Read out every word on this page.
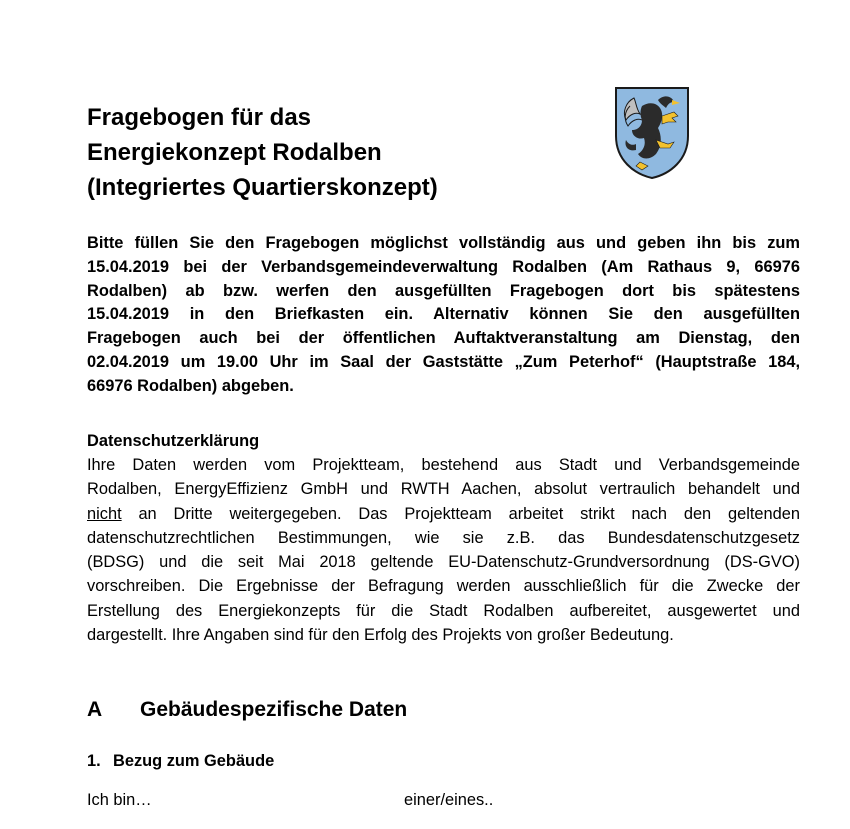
Fragebogen für das
Energiekonzept Rodalben
(Integriertes Quartierskonzept)

Bitte füllen Sie den Fragebogen möglichst vollständig aus und geben ihn bis zum
15.04.2019 bei der Verbandsgemeindeverwaltung Rodalben (Am Rathaus 9, 66976
Rodalben) ab bzw. werfen den ausgefüllten Fragebogen dort bis spätestens
15.04.2019 in den Briefkasten ein. Alternativ können Sie den ausgefüllten
Fragebogen auch bei der öffentlichen Auftaktveranstaltung am Dienstag, den
02.04.2019 um 19.00 Uhr im Saal der Gaststätte „Zum Peterhof“ (Hauptstraße 184,
66976 Rodalben) abgeben.

Datenschutzerklärung

Ihre Daten werden vom Projektteam, bestehend aus Stadt und Verbandsgemeinde
Rodalben, EnergyEffizienz GmbH und RWTH Aachen, absolut vertraulich behandelt und
nicht an Dritte weitergegeben. Das Projektteam arbeitet strikt nach den geltenden
datenschutzrechtlichen Bestimmungen, wie sie z.B. das Bundesdatenschutzgesetz
(BDSG) und die seit Mai 2018 geltende EU-Datenschutz-Grundversordnung (DS-GVO)
vorschreiben. Die Ergebnisse der Befragung werden ausschließlich für die Zwecke der
Erstellung des Energiekonzepts für die Stadt Rodalben aufbereitet, ausgewertet und
dargestellt. Ihre Angaben sind für den Erfolg des Projekts von großer Bedeutung.

A Gebäudespezifische Daten
1. Bezug zum Gebäude
Ich bin…	einer/eines..
